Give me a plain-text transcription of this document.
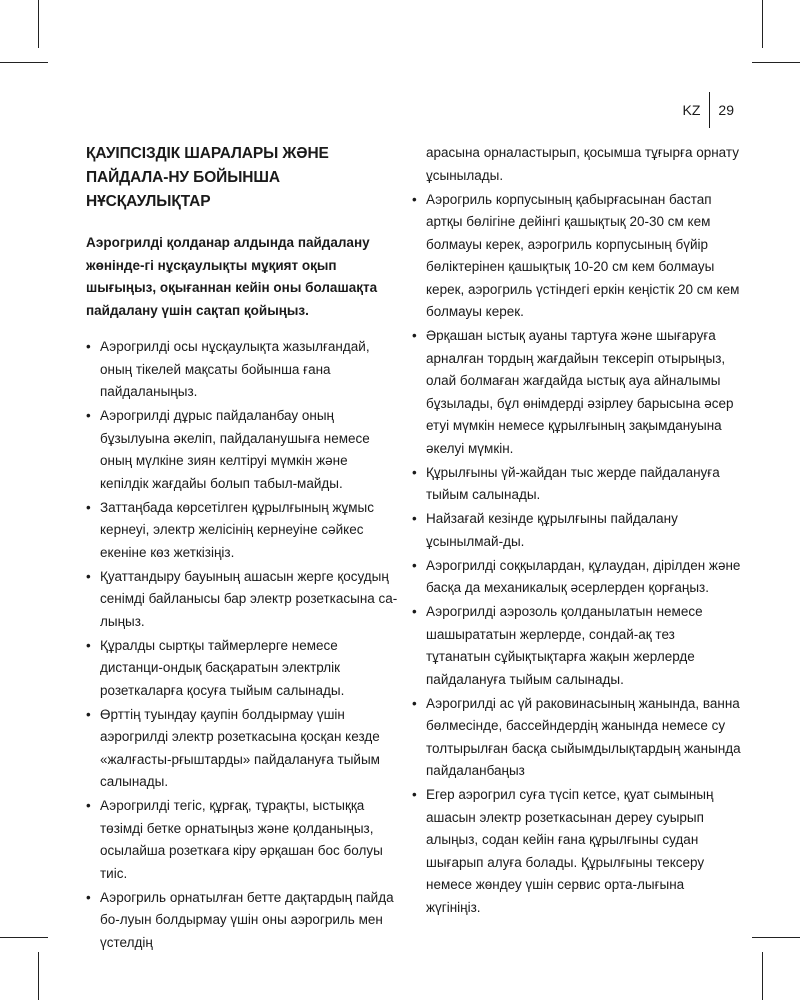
KZ 29
ҚАУІПСІЗДІК ШАРАЛАРЫ ЖӘНЕ ПАЙДАЛА-НУ БОЙЫНША НҰСҚАУЛЫҚТАР
Аэрогрилді қолданар алдында пайдалану жөнінде-гі нұсқаулықты мұқият оқып шығыңыз, оқығаннан кейін оны болашақта пайдалану үшін сақтап қойыңыз.
• Аэрогрилді осы нұсқаулықта жазылғандай, оның тікелей мақсаты бойынша ғана пайдаланыңыз.
• Аэрогрилді дұрыс пайдаланбау оның бұзылуына әкеліп, пайдаланушыға немесе оның мүлкіне зиян келтіруі мүмкін және кепілдік жағдайы болып табыл-майды.
• Заттаңбада көрсетілген құрылғының жұмыс кернеуі, электр желісінің кернеуіне сәйкес екеніне көз жеткізіңіз.
• Қуаттандыру бауының ашасын жерге қосудың сенімді байланысы бар электр розеткасына са-лыңыз.
• Құралды сыртқы таймерлерге немесе дистанци-ондық басқаратын электрлік розеткаларға қосуға тыйым салынады.
• Өрттің туындау қаупін болдырмау үшін аэрогрилді электр розеткасына қосқан кезде «жалғасты-рғыштарды» пайдалануға тыйым салынады.
• Аэрогрилді тегіс, құрғақ, тұрақты, ыстыққа төзімді бетке орнатыңыз және қолданыңыз, осылайша розеткаға кіру әрқашан бос болуы тиіс.
• Аэрогриль орнатылған бетте дақтардың пайда бо-луын болдырмау үшін оны аэрогриль мен үстелдің
арасына орналастырып, қосымша тұғырға орнату ұсынылады.
• Аэрогриль корпусының қабырғасынан бастап артқы бөлігіне дейінгі қашықтық 20-30 см кем болмауы керек, аэрогриль корпусының бүйір бөліктерінен қашықтық 10-20 см кем болмауы керек, аэрогриль үстіндегі еркін кеңістік 20 см кем болмауы керек.
• Әрқашан ыстық ауаны тартуға және шығаруға арналған тордың жағдайын тексеріп отырыңыз, олай болмаған жағдайда ыстық ауа айналымы бұзылады, бұл өнімдерді әзірлеу барысына әсер етуі мүмкін немесе құрылғының зақымдануына әкелуі мүмкін.
• Құрылғыны үй-жайдан тыс жерде пайдалануға тыйым салынады.
• Найзағай кезінде құрылғыны пайдалану ұсынылмай-ды.
• Аэрогрилді соққылардан, құлаудан, дірілден және басқа да механикалық әсерлерден қорғаңыз.
• Аэрогрилді аэрозоль қолданылатын немесе шашырататын жерлерде, сондай-ақ тез тұтанатын сұйықтықтарға жақын жерлерде пайдалануға тыйым салынады.
• Аэрогрилді ас үй раковинасының жанында, ванна бөлмесінде, бассейндердің жанында немесе су толтырылған басқа сыйымдылықтардың жанында пайдаланбаңыз
• Егер аэрогрил суға түсіп кетсе, қуат сымының ашасын электр розеткасынан дереу суырып алыңыз, содан кейін ғана құрылғыны судан шығарып алуға болады. Құрылғыны тексеру немесе жөндеу үшін сервис орта-лығына жүгініңіз.
